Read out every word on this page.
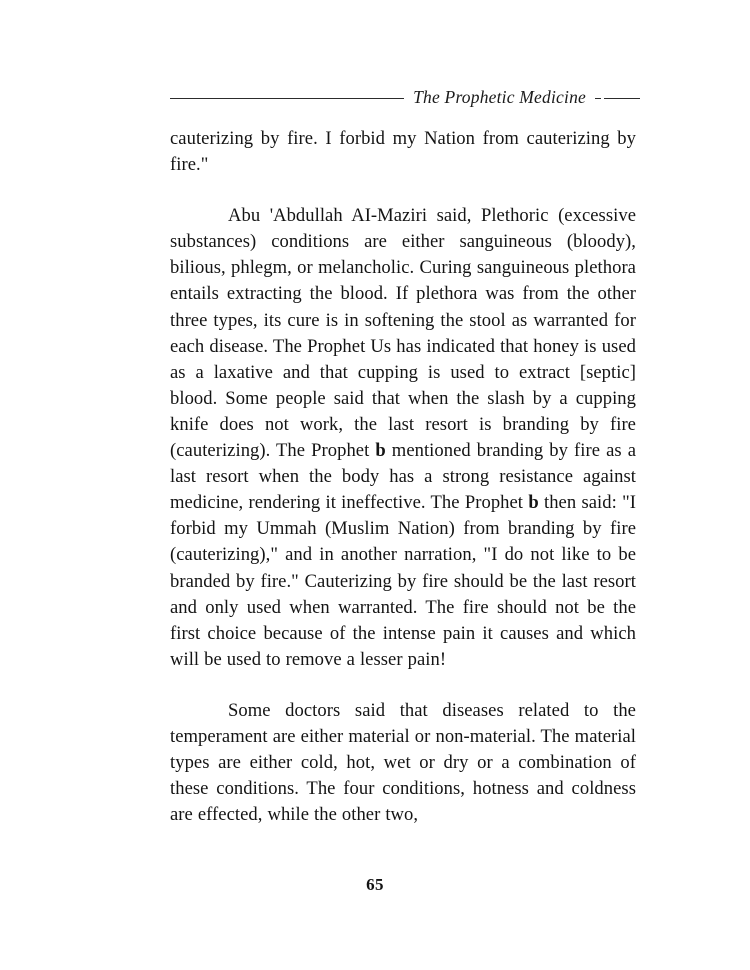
The Prophetic Medicine

cauterizing by fire. I forbid my Nation from cauterizing by fire."

Abu 'Abdullah AI-Maziri said, Plethoric (excessive substances) conditions are either sanguineous (bloody), bilious, phlegm, or melancholic. Curing sanguineous plethora entails extracting the blood. If plethora was from the other three types, its cure is in softening the stool as warranted for each disease. The Prophet Us has indicated that honey is used as a laxative and that cupping is used to extract [septic] blood. Some people said that when the slash by a cupping knife does not work, the last resort is branding by fire (cauterizing). The Prophet b mentioned branding by fire as a last resort when the body has a strong resistance against medicine, rendering it ineffective. The Prophet b then said: "I forbid my Ummah (Muslim Nation) from branding by fire (cauterizing)," and in another narration, "I do not like to be branded by fire." Cauterizing by fire should be the last resort and only used when warranted. The fire should not be the first choice because of the intense pain it causes and which will be used to remove a lesser pain!

Some doctors said that diseases related to the temperament are either material or non-material. The material types are either cold, hot, wet or dry or a combination of these conditions. The four conditions, hotness and coldness are effected, while the other two,

65
